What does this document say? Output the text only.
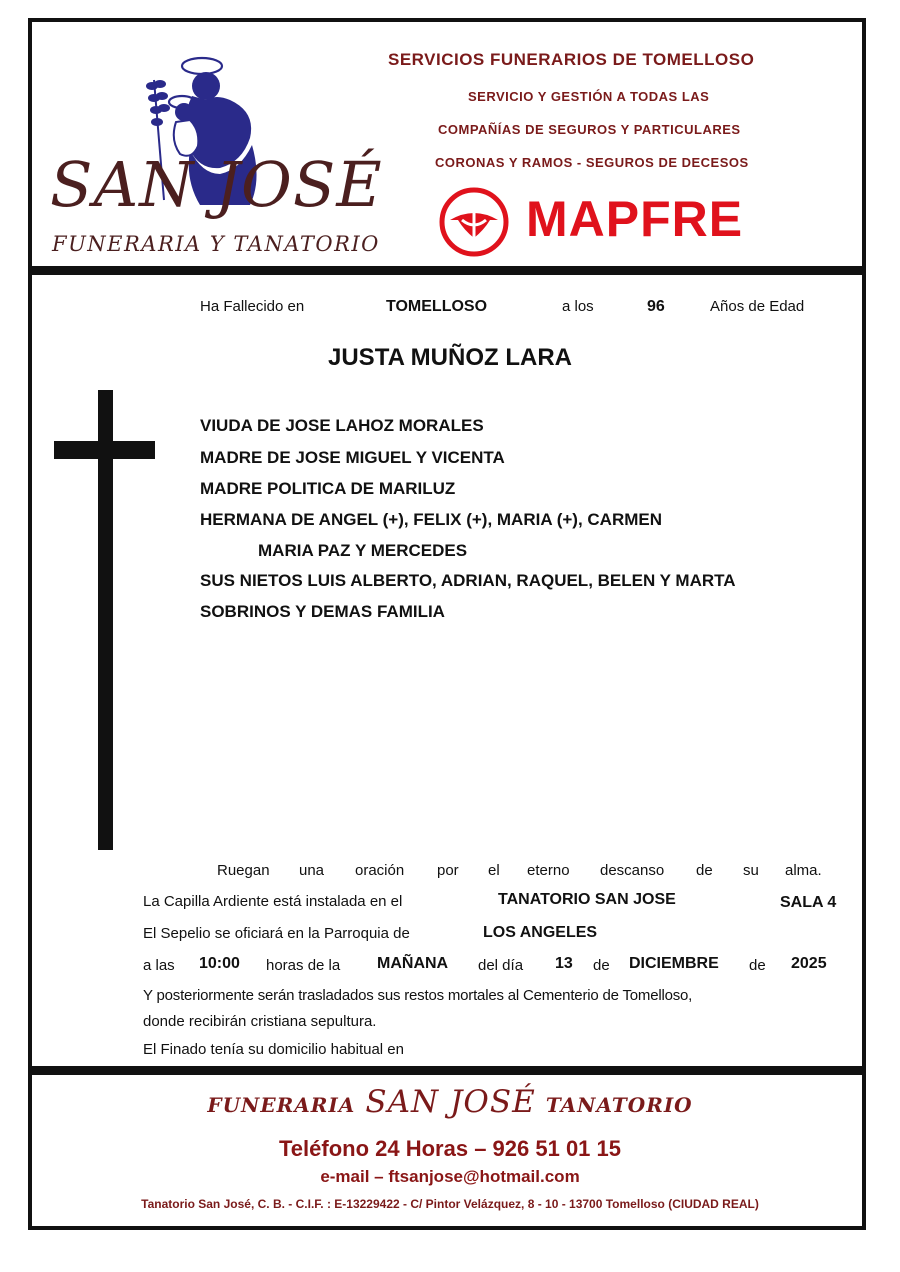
SAN JOSÉ
FUNERARIA Y TANATORIO
SERVICIOS FUNERARIOS DE TOMELLOSO
SERVICIO Y GESTIÓN A TODAS LAS
COMPAÑÍAS DE SEGUROS Y PARTICULARES
CORONAS Y RAMOS - SEGUROS DE DECESOS
MAPFRE
Ha Fallecido en	TOMELLOSO	a los	96	Años de Edad
JUSTA MUÑOZ LARA
VIUDA DE JOSE LAHOZ MORALES
MADRE DE JOSE MIGUEL Y VICENTA
MADRE POLITICA DE MARILUZ
HERMANA DE ANGEL (+), FELIX (+), MARIA (+), CARMEN
MARIA PAZ Y MERCEDES
SUS NIETOS LUIS ALBERTO, ADRIAN, RAQUEL, BELEN Y MARTA
SOBRINOS Y DEMAS FAMILIA
Ruegan una oración por el eterno descanso de su alma.
La Capilla Ardiente está instalada en el	TANATORIO SAN JOSE	SALA 4
El Sepelio se oficiará en la Parroquia de	LOS ANGELES
a las 10:00 horas de la MAÑANA del día 13 de DICIEMBRE de 2025
Y posteriormente serán trasladados sus restos mortales al Cementerio de Tomelloso,
donde recibirán cristiana sepultura.
El Finado tenía su domicilio habitual en
FUNERARIA SAN JOSÉ TANATORIO
Teléfono 24 Horas – 926 51 01 15
e-mail – ftsanjose@hotmail.com
Tanatorio San José, C. B. - C.I.F. : E-13229422 - C/ Pintor Velázquez, 8 - 10 - 13700 Tomelloso (CIUDAD REAL)
